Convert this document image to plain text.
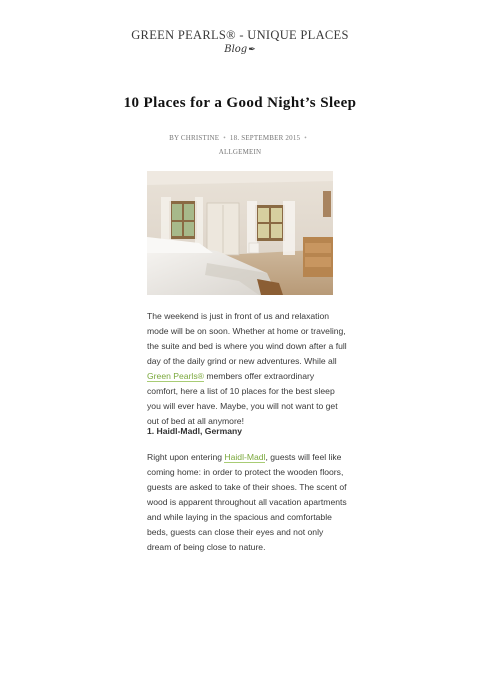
GREEN PEARLS® - UNIQUE PLACES
Blog✒
10 Places for a Good Night’s Sleep
BY CHRISTINE • 18. SEPTEMBER 2015 •
ALLGEMEIN
The weekend is just in front of us and relaxation mode will be on soon. Whether at home or traveling, the suite and bed is where you wind down after a full day of the daily grind or new adventures. While all Green Pearls® members offer extraordinary comfort, here a list of 10 places for the best sleep you will ever have. Maybe, you will not want to get out of bed at all anymore!
1. Haidl-Madl, Germany
Right upon entering Haidl-Madl, guests will feel like coming home: in order to protect the wooden floors, guests are asked to take of their shoes. The scent of wood is apparent throughout all vacation apartments and while laying in the spacious and comfortable beds, guests can close their eyes and not only dream of being close to nature.
